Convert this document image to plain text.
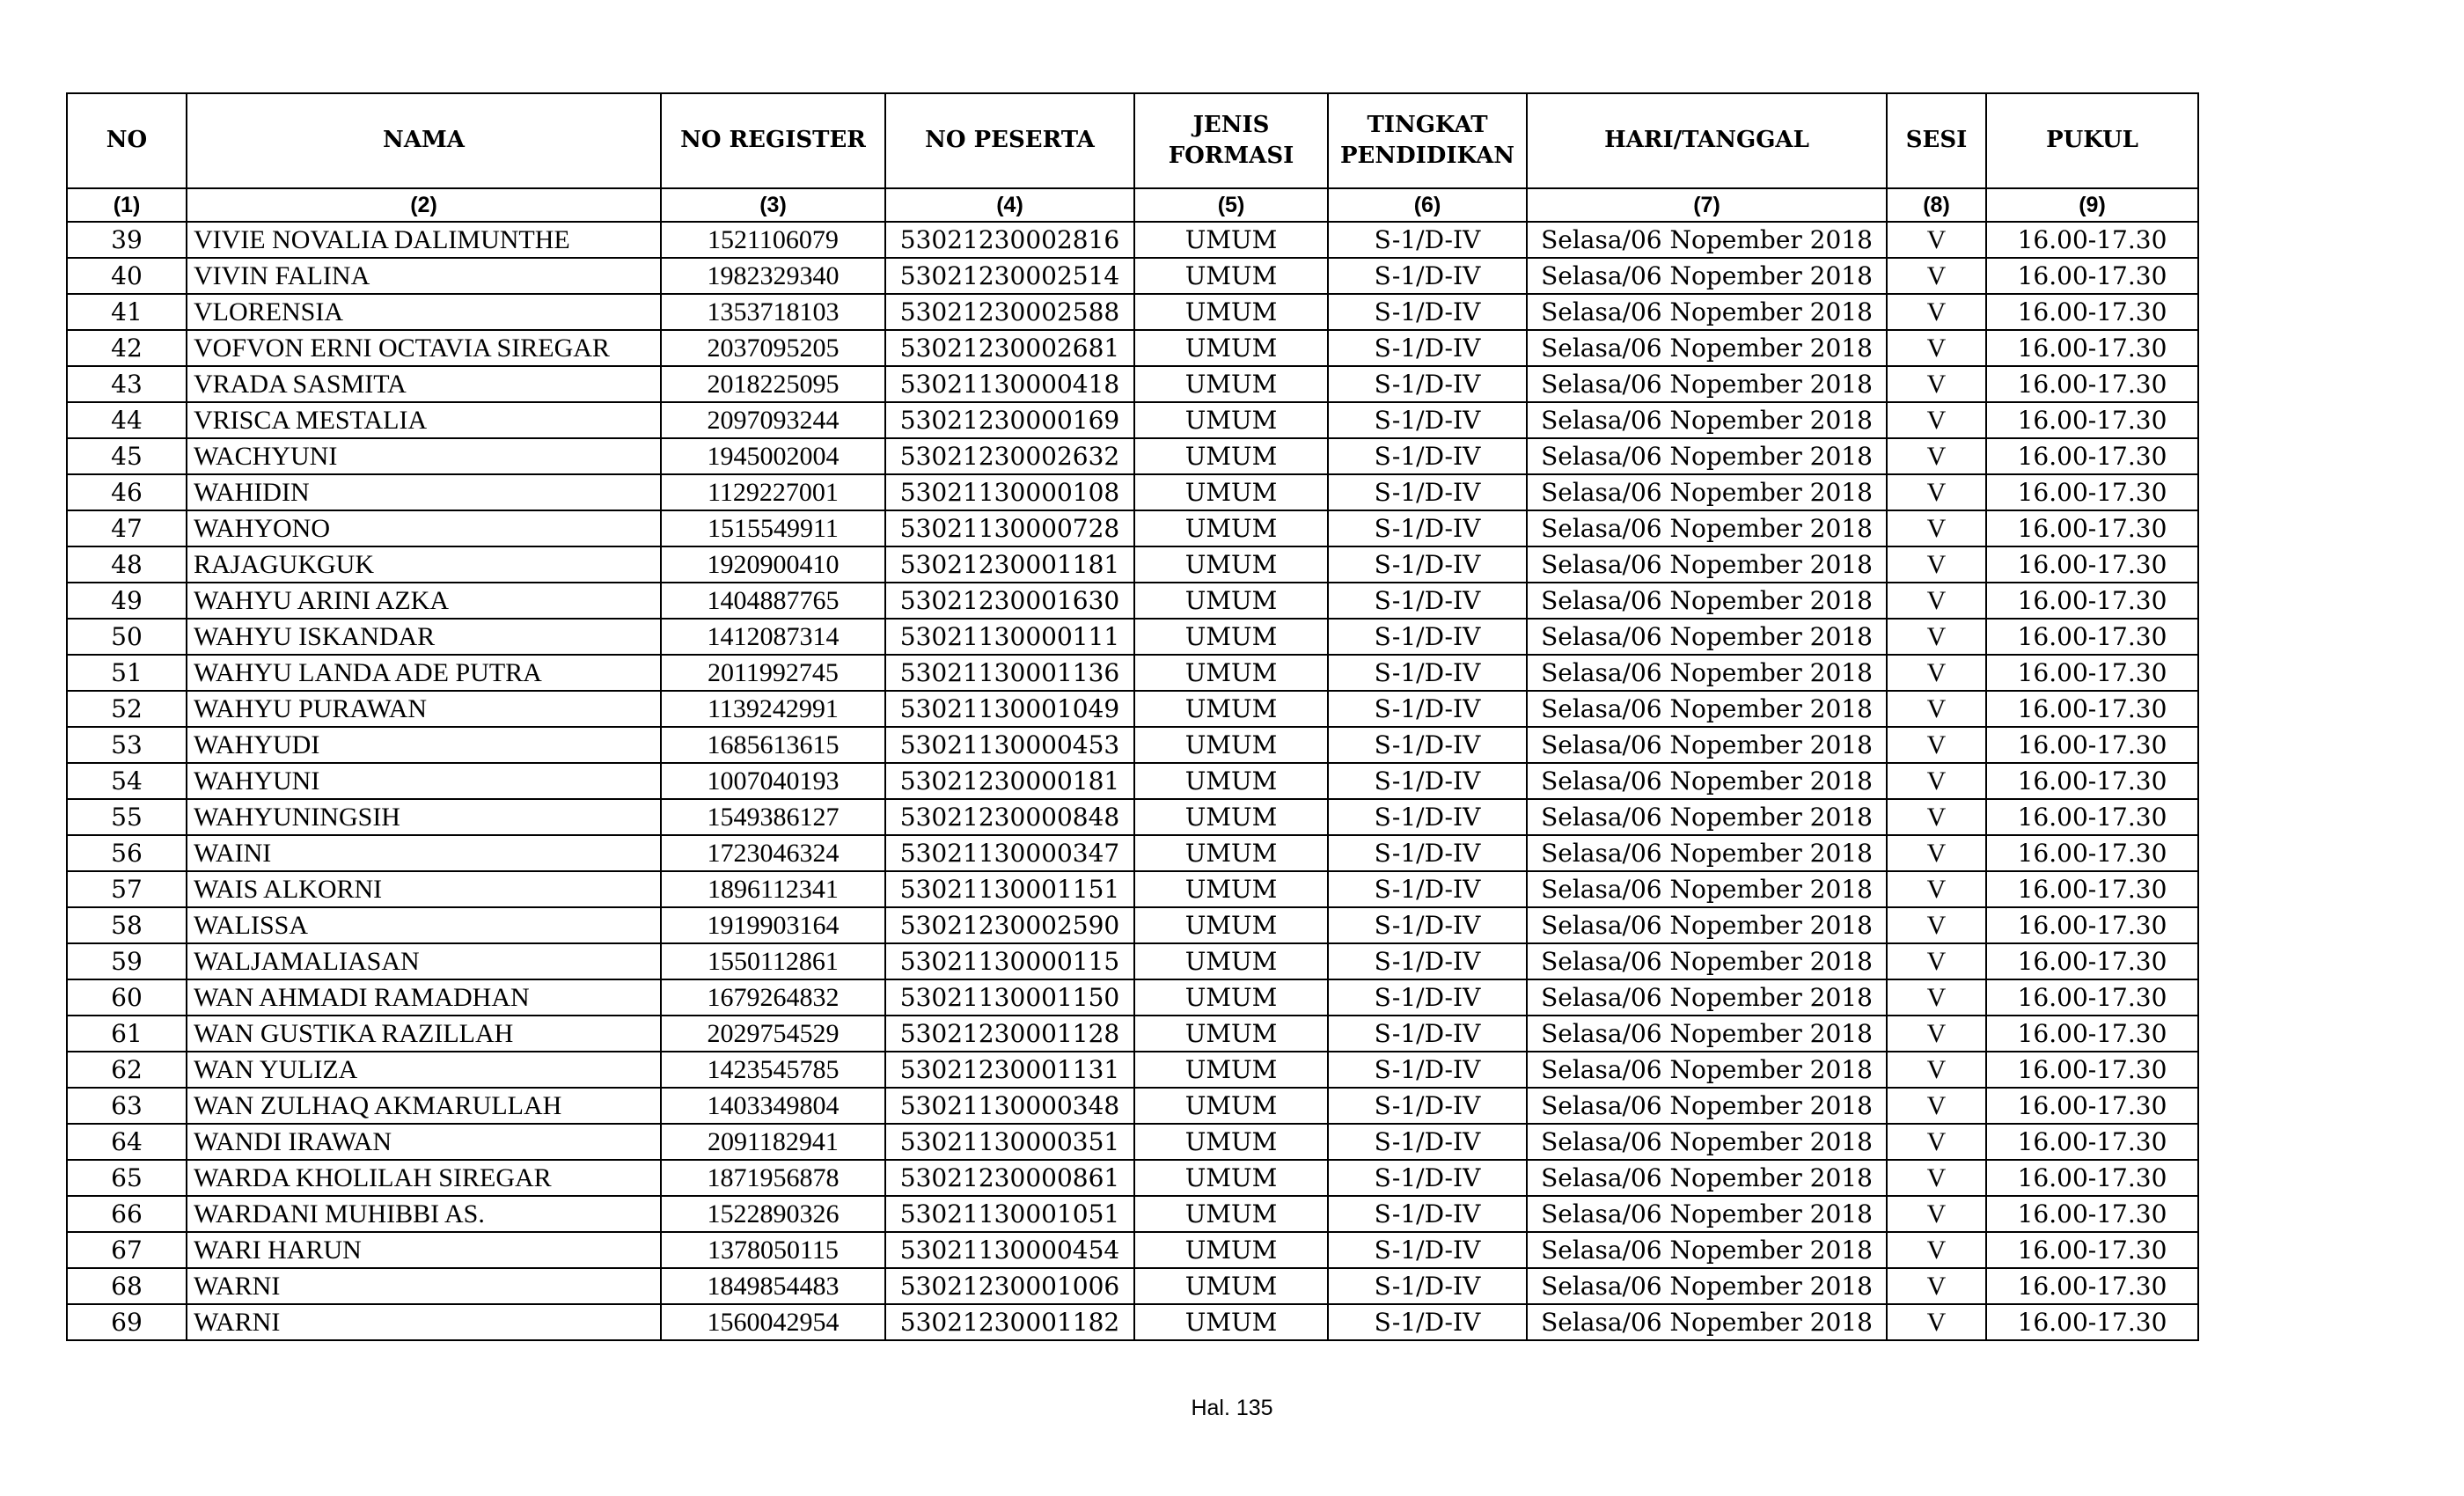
NO	NAMA	NO REGISTER	NO PESERTA	JENIS FORMASI	TINGKAT PENDIDIKAN	HARI/TANGGAL	SESI	PUKUL
(1)	(2)	(3)	(4)	(5)	(6)	(7)	(8)	(9)
39	VIVIE NOVALIA DALIMUNTHE	1521106079	53021230002816	UMUM	S-1/D-IV	Selasa/06 Nopember 2018	V	16.00-17.30
40	VIVIN FALINA	1982329340	53021230002514	UMUM	S-1/D-IV	Selasa/06 Nopember 2018	V	16.00-17.30
41	VLORENSIA	1353718103	53021230002588	UMUM	S-1/D-IV	Selasa/06 Nopember 2018	V	16.00-17.30
42	VOFVON ERNI OCTAVIA SIREGAR	2037095205	53021230002681	UMUM	S-1/D-IV	Selasa/06 Nopember 2018	V	16.00-17.30
43	VRADA SASMITA	2018225095	53021130000418	UMUM	S-1/D-IV	Selasa/06 Nopember 2018	V	16.00-17.30
44	VRISCA MESTALIA	2097093244	53021230000169	UMUM	S-1/D-IV	Selasa/06 Nopember 2018	V	16.00-17.30
45	WACHYUNI	1945002004	53021230002632	UMUM	S-1/D-IV	Selasa/06 Nopember 2018	V	16.00-17.30
46	WAHIDIN	1129227001	53021130000108	UMUM	S-1/D-IV	Selasa/06 Nopember 2018	V	16.00-17.30
47	WAHYONO	1515549911	53021130000728	UMUM	S-1/D-IV	Selasa/06 Nopember 2018	V	16.00-17.30
48	RAJAGUKGUK	1920900410	53021230001181	UMUM	S-1/D-IV	Selasa/06 Nopember 2018	V	16.00-17.30
49	WAHYU ARINI AZKA	1404887765	53021230001630	UMUM	S-1/D-IV	Selasa/06 Nopember 2018	V	16.00-17.30
50	WAHYU ISKANDAR	1412087314	53021130000111	UMUM	S-1/D-IV	Selasa/06 Nopember 2018	V	16.00-17.30
51	WAHYU LANDA ADE PUTRA	2011992745	53021130001136	UMUM	S-1/D-IV	Selasa/06 Nopember 2018	V	16.00-17.30
52	WAHYU PURAWAN	1139242991	53021130001049	UMUM	S-1/D-IV	Selasa/06 Nopember 2018	V	16.00-17.30
53	WAHYUDI	1685613615	53021130000453	UMUM	S-1/D-IV	Selasa/06 Nopember 2018	V	16.00-17.30
54	WAHYUNI	1007040193	53021230000181	UMUM	S-1/D-IV	Selasa/06 Nopember 2018	V	16.00-17.30
55	WAHYUNINGSIH	1549386127	53021230000848	UMUM	S-1/D-IV	Selasa/06 Nopember 2018	V	16.00-17.30
56	WAINI	1723046324	53021130000347	UMUM	S-1/D-IV	Selasa/06 Nopember 2018	V	16.00-17.30
57	WAIS ALKORNI	1896112341	53021130001151	UMUM	S-1/D-IV	Selasa/06 Nopember 2018	V	16.00-17.30
58	WALISSA	1919903164	53021230002590	UMUM	S-1/D-IV	Selasa/06 Nopember 2018	V	16.00-17.30
59	WALJAMALIASAN	1550112861	53021130000115	UMUM	S-1/D-IV	Selasa/06 Nopember 2018	V	16.00-17.30
60	WAN AHMADI RAMADHAN	1679264832	53021130001150	UMUM	S-1/D-IV	Selasa/06 Nopember 2018	V	16.00-17.30
61	WAN GUSTIKA RAZILLAH	2029754529	53021230001128	UMUM	S-1/D-IV	Selasa/06 Nopember 2018	V	16.00-17.30
62	WAN YULIZA	1423545785	53021230001131	UMUM	S-1/D-IV	Selasa/06 Nopember 2018	V	16.00-17.30
63	WAN ZULHAQ AKMARULLAH	1403349804	53021130000348	UMUM	S-1/D-IV	Selasa/06 Nopember 2018	V	16.00-17.30
64	WANDI IRAWAN	2091182941	53021130000351	UMUM	S-1/D-IV	Selasa/06 Nopember 2018	V	16.00-17.30
65	WARDA KHOLILAH SIREGAR	1871956878	53021230000861	UMUM	S-1/D-IV	Selasa/06 Nopember 2018	V	16.00-17.30
66	WARDANI MUHIBBI AS.	1522890326	53021130001051	UMUM	S-1/D-IV	Selasa/06 Nopember 2018	V	16.00-17.30
67	WARI HARUN	1378050115	53021130000454	UMUM	S-1/D-IV	Selasa/06 Nopember 2018	V	16.00-17.30
68	WARNI	1849854483	53021230001006	UMUM	S-1/D-IV	Selasa/06 Nopember 2018	V	16.00-17.30
69	WARNI	1560042954	53021230001182	UMUM	S-1/D-IV	Selasa/06 Nopember 2018	V	16.00-17.30
Hal. 135
